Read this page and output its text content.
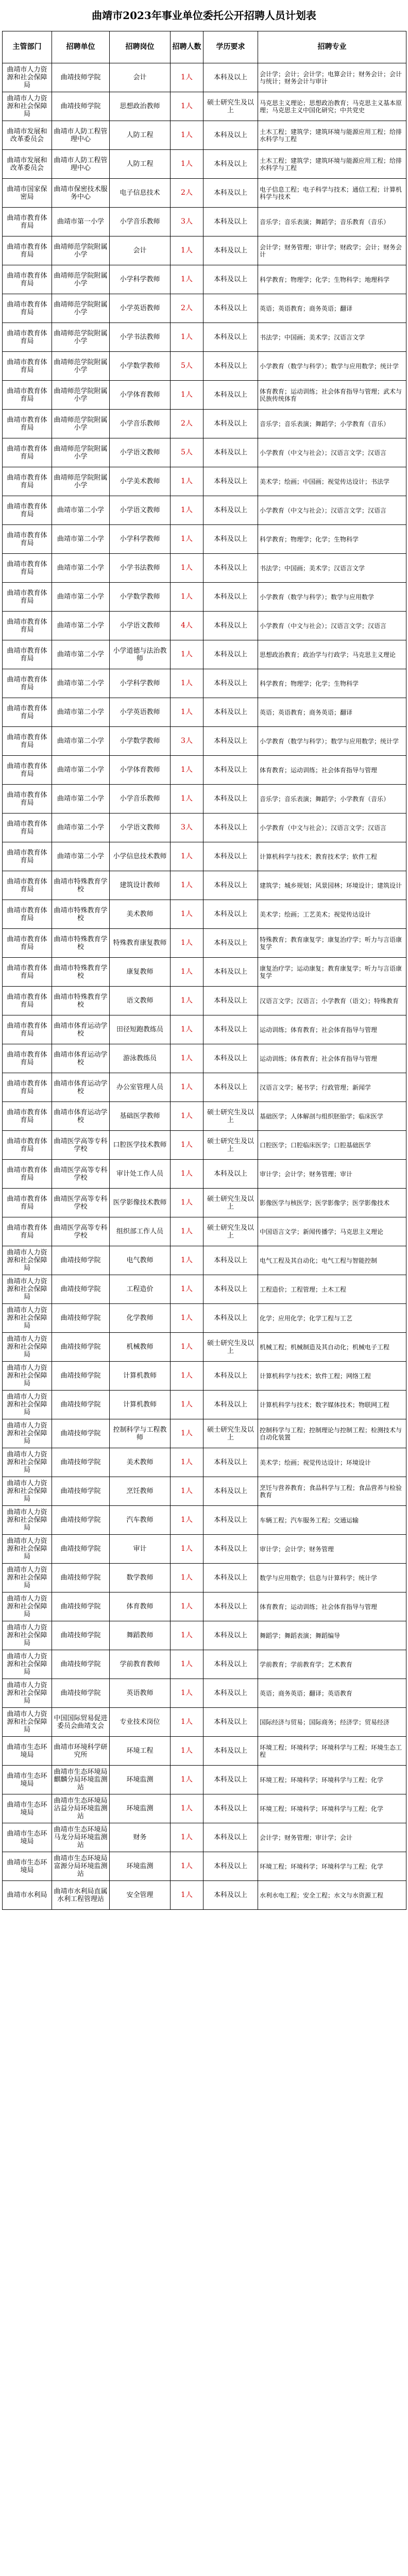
曲靖市2023年事业单位委托公开招聘人员计划表
主管部门	招聘单位	招聘岗位	招聘人数	学历要求	招聘专业

曲靖市人力资源和社会保障局	曲靖技师学院	会计	1人	本科及以上	会计学；会计；会计学；电算会计；财务会计；会计与统计；财务会计与审计

曲靖市人力资源和社会保障局	曲靖技师学院	思想政治教师	1人	硕士研究生及以上	马克思主义理论；思想政治教育；马克思主义基本原理；马克思主义中国化研究；中共党史

曲靖市发展和改革委员会	曲靖市人防工程管理中心	人防工程	1人	本科及以上	土木工程；建筑学；建筑环境与能源应用工程；给排水科学与工程

曲靖市发展和改革委员会	曲靖市人防工程管理中心	人防工程	1人	本科及以上	土木工程；建筑学；建筑环境与能源应用工程；给排水科学与工程

曲靖市国家保密局	曲靖市保密技术服务中心	电子信息技术	2人	本科及以上	电子信息工程；电子科学与技术；通信工程；计算机科学与技术

曲靖市教育体育局	曲靖市第一小学	小学音乐教师	3人	本科及以上	音乐学；音乐表演；舞蹈学；音乐教育（音乐）

曲靖市教育体育局	曲靖师范学院附属小学	会计	1人	本科及以上	会计学；财务管理；审计学；财政学；会计；财务会计

曲靖市教育体育局	曲靖师范学院附属小学	小学科学教师	1人	本科及以上	科学教育；物理学；化学；生物科学；地理科学

曲靖市教育体育局	曲靖师范学院附属小学	小学英语教师	2人	本科及以上	英语；英语教育；商务英语；翻译

曲靖市教育体育局	曲靖师范学院附属小学	小学书法教师	1人	本科及以上	书法学；中国画；美术学；汉语言文学

曲靖市教育体育局	曲靖师范学院附属小学	小学数学教师	5人	本科及以上	小学教育（数学与科学）；数学与应用数学；统计学

曲靖市教育体育局	曲靖师范学院附属小学	小学体育教师	1人	本科及以上	体育教育；运动训练；社会体育指导与管理；武术与民族传统体育

曲靖市教育体育局	曲靖师范学院附属小学	小学音乐教师	2人	本科及以上	音乐学；音乐表演；舞蹈学；小学教育（音乐）

曲靖市教育体育局	曲靖师范学院附属小学	小学语文教师	5人	本科及以上	小学教育（中文与社会）；汉语言文学；汉语言

曲靖市教育体育局	曲靖师范学院附属小学	小学美术教师	1人	本科及以上	美术学；绘画；中国画；视觉传达设计；书法学

曲靖市教育体育局	曲靖市第二小学	小学语文教师	1人	本科及以上	小学教育（中文与社会）；汉语言文学；汉语言

曲靖市教育体育局	曲靖市第二小学	小学科学教师	1人	本科及以上	科学教育；物理学；化学；生物科学

曲靖市教育体育局	曲靖市第二小学	小学书法教师	1人	本科及以上	书法学；中国画；美术学；汉语言文学

曲靖市教育体育局	曲靖市第二小学	小学数学教师	1人	本科及以上	小学教育（数学与科学）；数学与应用数学

曲靖市教育体育局	曲靖市第二小学	小学语文教师	4人	本科及以上	小学教育（中文与社会）；汉语言文学；汉语言

曲靖市教育体育局	曲靖市第二小学	小学道德与法治教师	1人	本科及以上	思想政治教育；政治学与行政学；马克思主义理论

曲靖市教育体育局	曲靖市第二小学	小学科学教师	1人	本科及以上	科学教育；物理学；化学；生物科学

曲靖市教育体育局	曲靖市第二小学	小学英语教师	1人	本科及以上	英语；英语教育；商务英语；翻译

曲靖市教育体育局	曲靖市第二小学	小学数学教师	3人	本科及以上	小学教育（数学与科学）；数学与应用数学；统计学

曲靖市教育体育局	曲靖市第二小学	小学体育教师	1人	本科及以上	体育教育；运动训练；社会体育指导与管理

曲靖市教育体育局	曲靖市第二小学	小学音乐教师	1人	本科及以上	音乐学；音乐表演；舞蹈学；小学教育（音乐）

曲靖市教育体育局	曲靖市第二小学	小学语文教师	3人	本科及以上	小学教育（中文与社会）；汉语言文学；汉语言

曲靖市教育体育局	曲靖市第二小学	小学信息技术教师	1人	本科及以上	计算机科学与技术；教育技术学；软件工程

曲靖市教育体育局	曲靖市特殊教育学校	建筑设计教师	1人	本科及以上	建筑学；城乡规划；风景园林；环境设计；建筑设计

曲靖市教育体育局	曲靖市特殊教育学校	美术教师	1人	本科及以上	美术学；绘画；工艺美术；视觉传达设计

曲靖市教育体育局	曲靖市特殊教育学校	特殊教育康复教师	1人	本科及以上	特殊教育；教育康复学；康复治疗学；听力与言语康复学

曲靖市教育体育局	曲靖市特殊教育学校	康复教师	1人	本科及以上	康复治疗学；运动康复；教育康复学；听力与言语康复学

曲靖市教育体育局	曲靖市特殊教育学校	语文教师	1人	本科及以上	汉语言文学；汉语言；小学教育（语文）；特殊教育

曲靖市教育体育局	曲靖市体育运动学校	田径短跑教练员	1人	本科及以上	运动训练；体育教育；社会体育指导与管理

曲靖市教育体育局	曲靖市体育运动学校	游泳教练员	1人	本科及以上	运动训练；体育教育；社会体育指导与管理

曲靖市教育体育局	曲靖市体育运动学校	办公室管理人员	1人	本科及以上	汉语言文学；秘书学；行政管理；新闻学

曲靖市教育体育局	曲靖市体育运动学校	基础医学教师	1人	硕士研究生及以上	基础医学；人体解剖与组织胚胎学；临床医学

曲靖市教育体育局	曲靖医学高等专科学校	口腔医学技术教师	1人	硕士研究生及以上	口腔医学；口腔临床医学；口腔基础医学

曲靖市教育体育局	曲靖医学高等专科学校	审计处工作人员	1人	本科及以上	审计学；会计学；财务管理；审计

曲靖市教育体育局	曲靖医学高等专科学校	医学影像技术教师	1人	硕士研究生及以上	影像医学与核医学；医学影像学；医学影像技术

曲靖市教育体育局	曲靖医学高等专科学校	组织部工作人员	1人	硕士研究生及以上	中国语言文学；新闻传播学；马克思主义理论

曲靖市人力资源和社会保障局	曲靖技师学院	电气教师	1人	本科及以上	电气工程及其自动化；电气工程与智能控制

曲靖市人力资源和社会保障局	曲靖技师学院	工程造价	1人	本科及以上	工程造价；工程管理；土木工程

曲靖市人力资源和社会保障局	曲靖技师学院	化学教师	1人	本科及以上	化学；应用化学；化学工程与工艺

曲靖市人力资源和社会保障局	曲靖技师学院	机械教师	1人	硕士研究生及以上	机械工程；机械制造及其自动化；机械电子工程

曲靖市人力资源和社会保障局	曲靖技师学院	计算机教师	1人	本科及以上	计算机科学与技术；软件工程；网络工程

曲靖市人力资源和社会保障局	曲靖技师学院	计算机教师	1人	本科及以上	计算机科学与技术；数字媒体技术；物联网工程

曲靖市人力资源和社会保障局	曲靖技师学院	控制科学与工程教师	1人	硕士研究生及以上	控制科学与工程；控制理论与控制工程；检测技术与自动化装置

曲靖市人力资源和社会保障局	曲靖技师学院	美术教师	1人	本科及以上	美术学；绘画；视觉传达设计；环境设计

曲靖市人力资源和社会保障局	曲靖技师学院	烹饪教师	1人	本科及以上	烹饪与营养教育；食品科学与工程；食品营养与检验教育

曲靖市人力资源和社会保障局	曲靖技师学院	汽车教师	1人	本科及以上	车辆工程；汽车服务工程；交通运输

曲靖市人力资源和社会保障局	曲靖技师学院	审计	1人	本科及以上	审计学；会计学；财务管理

曲靖市人力资源和社会保障局	曲靖技师学院	数学教师	1人	本科及以上	数学与应用数学；信息与计算科学；统计学

曲靖市人力资源和社会保障局	曲靖技师学院	体育教师	1人	本科及以上	体育教育；运动训练；社会体育指导与管理

曲靖市人力资源和社会保障局	曲靖技师学院	舞蹈教师	1人	本科及以上	舞蹈学；舞蹈表演；舞蹈编导

曲靖市人力资源和社会保障局	曲靖技师学院	学前教育教师	1人	本科及以上	学前教育；学前教育学；艺术教育

曲靖市人力资源和社会保障局	曲靖技师学院	英语教师	1人	本科及以上	英语；商务英语；翻译；英语教育

曲靖市人力资源和社会保障局	中国国际贸易促进委员会曲靖支会	专业技术岗位	1人	本科及以上	国际经济与贸易；国际商务；经济学；贸易经济

曲靖市生态环境局	曲靖市环境科学研究所	环境工程	1人	本科及以上	环境工程；环境科学；环境科学与工程；环境生态工程

曲靖市生态环境局	曲靖市生态环境局麒麟分局环境监测站	环境监测	1人	本科及以上	环境工程；环境科学；环境科学与工程；化学

曲靖市生态环境局	曲靖市生态环境局沾益分局环境监测站	环境监测	1人	本科及以上	环境工程；环境科学；环境科学与工程；化学

曲靖市生态环境局	曲靖市生态环境局马龙分局环境监测站	财务	1人	本科及以上	会计学；财务管理；审计学；会计

曲靖市生态环境局	曲靖市生态环境局富源分局环境监测站	环境监测	1人	本科及以上	环境工程；环境科学；环境科学与工程；化学

曲靖市水利局	曲靖市水利局直属水利工程管理站	安全管理	1人	本科及以上	水利水电工程；安全工程；水文与水资源工程
